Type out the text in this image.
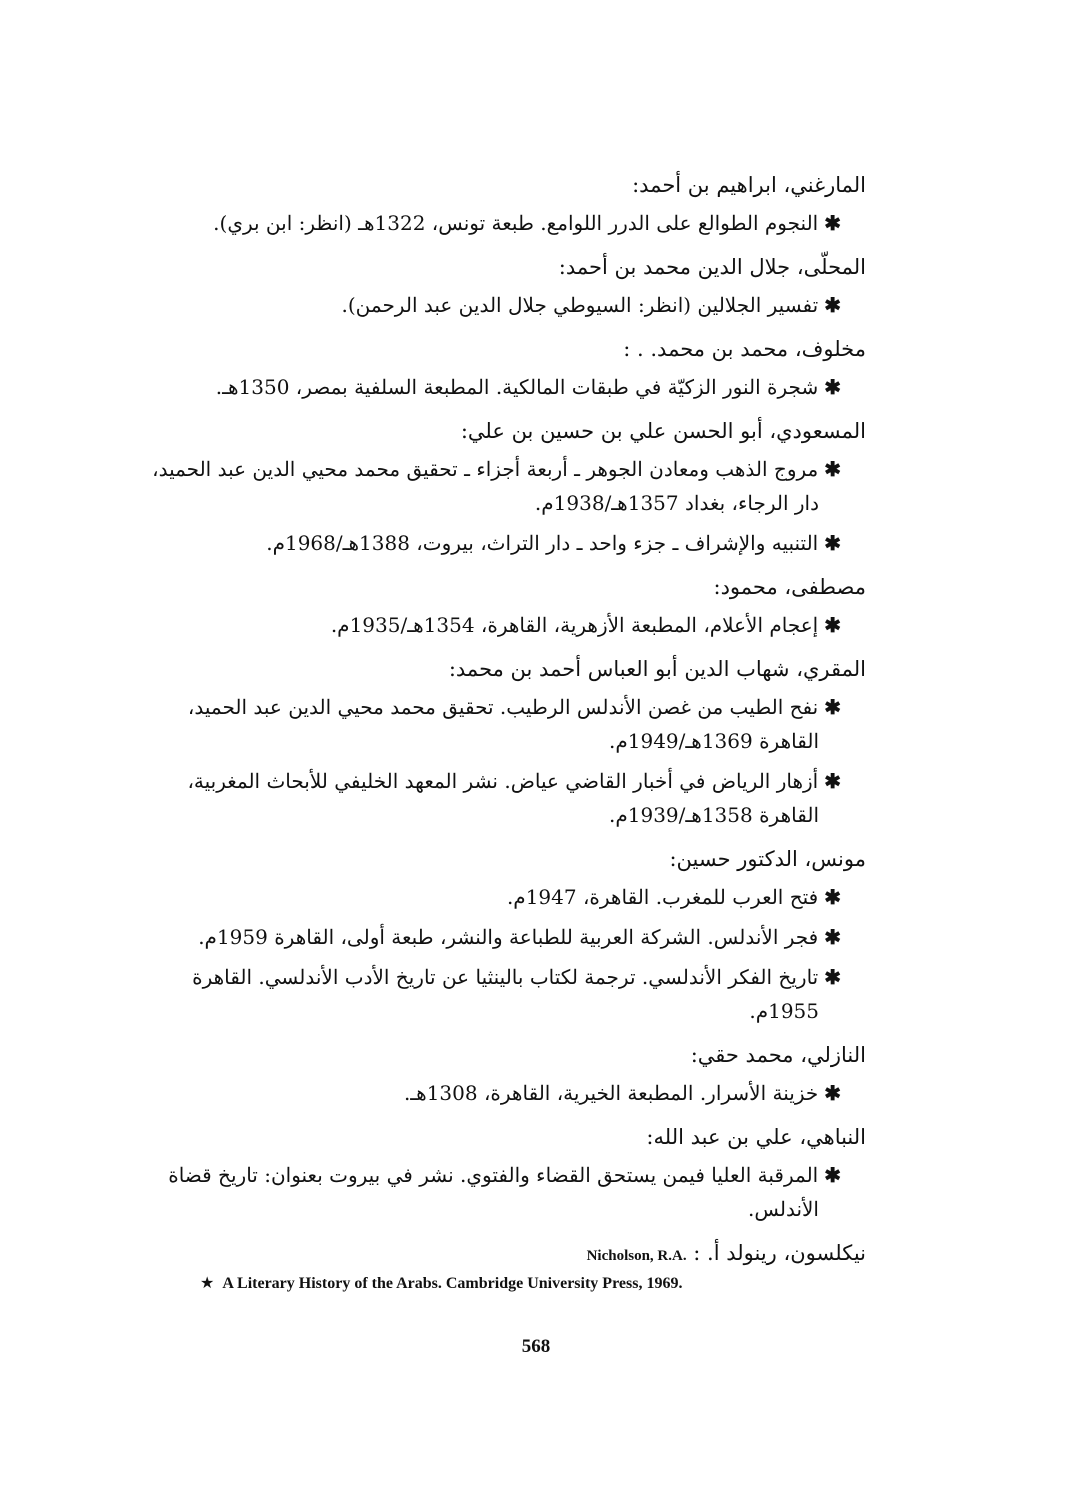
المارغني، ابراهيم بن أحمد:

✱النجوم الطوالع على الدرر اللوامع. طبعة تونس، 1322هـ (انظر: ابن بري).

المحلّى، جلال الدين محمد بن أحمد:

✱تفسير الجلالين (انظر: السيوطي جلال الدين عبد الرحمن).

مخلوف، محمد بن محمد. . :

✱شجرة النور الزكيّة في طبقات المالكية. المطبعة السلفية بمصر، 1350هـ.

المسعودي، أبو الحسن علي بن حسين بن علي:

✱مروج الذهب ومعادن الجوهر ـ أربعة أجزاء ـ تحقيق محمد محيي الدين عبد الحميد، دار الرجاء، بغداد 1357هـ/1938م.

✱التنبيه والإشراف ـ جزء واحد ـ دار التراث، بيروت، 1388هـ/1968م.

مصطفى، محمود:

✱إعجام الأعلام، المطبعة الأزهرية، القاهرة، 1354هـ/1935م.

المقري، شهاب الدين أبو العباس أحمد بن محمد:

✱نفح الطيب من غصن الأندلس الرطيب. تحقيق محمد محيي الدين عبد الحميد، القاهرة 1369هـ/1949م.

✱أزهار الرياض في أخبار القاضي عياض. نشر المعهد الخليفي للأبحاث المغربية، القاهرة 1358هـ/1939م.

مونس، الدكتور حسين:

✱فتح العرب للمغرب. القاهرة، 1947م.

✱فجر الأندلس. الشركة العربية للطباعة والنشر، طبعة أولى، القاهرة 1959م.

✱تاريخ الفكر الأندلسي. ترجمة لكتاب بالينثيا عن تاريخ الأدب الأندلسي. القاهرة 1955م.

النازلي، محمد حقي:

✱خزينة الأسرار. المطبعة الخيرية، القاهرة، 1308هـ.

النباهي، علي بن عبد الله:

✱المرقبة العليا فيمن يستحق القضاء والفتوي. نشر في بيروت بعنوان: تاريخ قضاة الأندلس.

نيكلسون، رينولد أ. : Nicholson, R.A.

★ A Literary History of the Arabs. Cambridge University Press, 1969.
568
